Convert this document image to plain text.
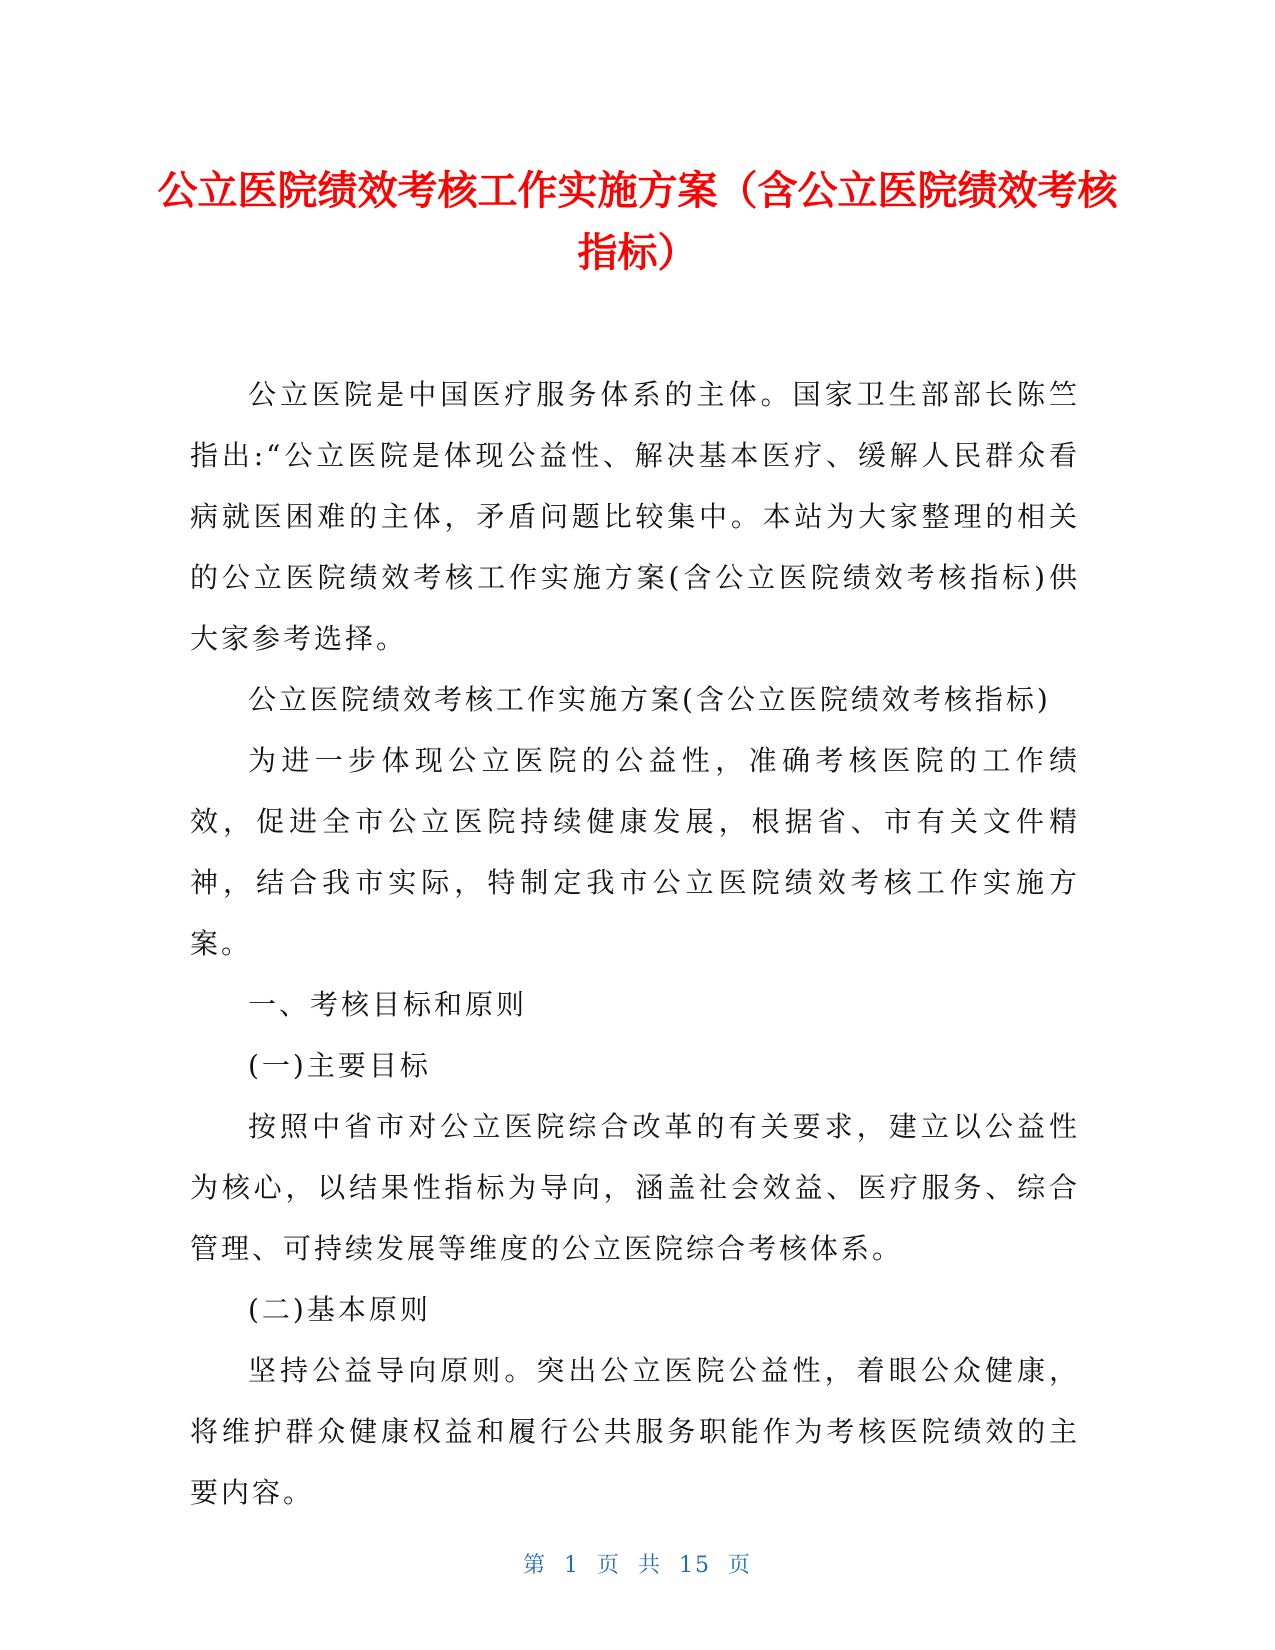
公立医院绩效考核工作实施方案（含公立医院绩效考核指标）

公立医院是中国医疗服务体系的主体。国家卫生部部长陈竺指出:“公立医院是体现公益性、解决基本医疗、缓解人民群众看病就医困难的主体，矛盾问题比较集中。本站为大家整理的相关的公立医院绩效考核工作实施方案(含公立医院绩效考核指标)供大家参考选择。

公立医院绩效考核工作实施方案(含公立医院绩效考核指标)

为进一步体现公立医院的公益性，准确考核医院的工作绩效，促进全市公立医院持续健康发展，根据省、市有关文件精神，结合我市实际，特制定我市公立医院绩效考核工作实施方案。

一、考核目标和原则

(一)主要目标

按照中省市对公立医院综合改革的有关要求，建立以公益性为核心，以结果性指标为导向，涵盖社会效益、医疗服务、综合管理、可持续发展等维度的公立医院综合考核体系。

(二)基本原则

坚持公益导向原则。突出公立医院公益性，着眼公众健康，将维护群众健康权益和履行公共服务职能作为考核医院绩效的主要内容。

第 1 页 共 15 页
